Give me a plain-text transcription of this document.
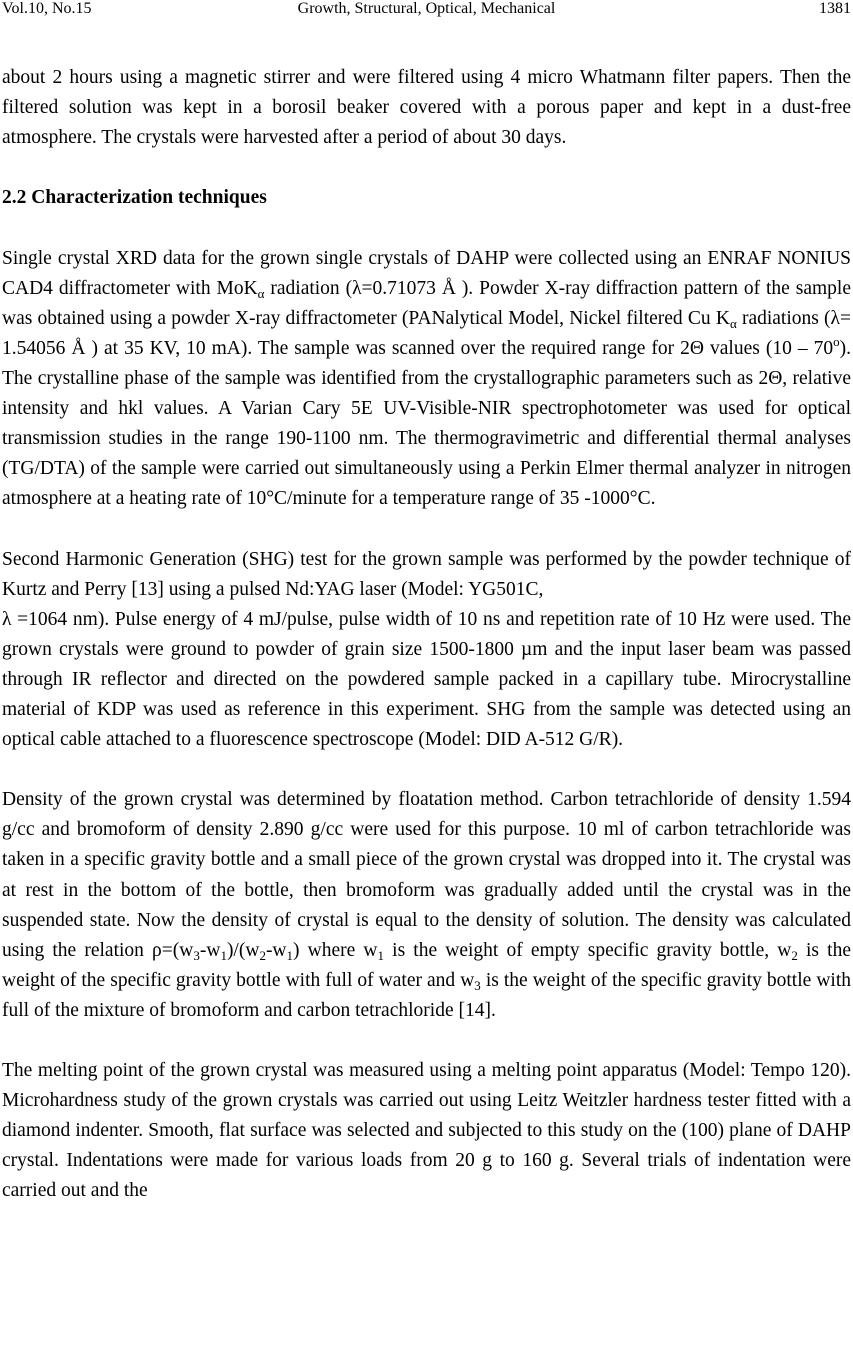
Growth, Structural, Optical, Mechanical
Vol.10, No.15	1381

about 2 hours using a magnetic stirrer and were filtered using 4 micro Whatmann filter papers. Then the filtered solution was kept in a borosil beaker covered with a porous paper and kept in a dust-free atmosphere. The crystals were harvested after a period of about 30 days.

2.2 Characterization techniques

Single crystal XRD data for the grown single crystals of DAHP were collected using an ENRAF NONIUS CAD4 diffractometer with MoK$_\alpha$ radiation (λ=0.71073 Å ). Powder X-ray diffraction pattern of the sample was obtained using a powder X-ray diffractometer (PANalytical Model, Nickel filtered Cu $K_\alpha$ radiations (λ= 1.54056 Å ) at 35 KV, 10 mA). The sample was scanned over the required range for 2Θ values (10 – 70$^o$). The crystalline phase of the sample was identified from the crystallographic parameters such as 2Θ, relative intensity and hkl values. A Varian Cary 5E UV-Visible-NIR spectrophotometer was used for optical transmission studies in the range 190-1100 nm. The thermogravimetric and differential thermal analyses (TG/DTA) of the sample were carried out simultaneously using a Perkin Elmer thermal analyzer in nitrogen atmosphere at a heating rate of 10°C/minute for a temperature range of 35 -1000°C.

Second Harmonic Generation (SHG) test for the grown sample was performed by the powder technique of Kurtz and Perry [13] using a pulsed Nd:YAG laser (Model: YG501C,
λ =1064 nm). Pulse energy of 4 mJ/pulse, pulse width of 10 ns and repetition rate of 10 Hz were used. The grown crystals were ground to powder of grain size 1500-1800 µm and the input laser beam was passed through IR reflector and directed on the powdered sample packed in a capillary tube. Mirocrystalline material of KDP was used as reference in this experiment. SHG from the sample was detected using an optical cable attached to a fluorescence spectroscope (Model: DID A-512 G/R).

Density of the grown crystal was determined by floatation method. Carbon tetrachloride of density 1.594 g/cc and bromoform of density 2.890 g/cc were used for this purpose. 10 ml of carbon tetrachloride was taken in a specific gravity bottle and a small piece of the grown crystal was dropped into it. The crystal was at rest in the bottom of the bottle, then bromoform was gradually added until the crystal was in the suspended state. Now the density of crystal is equal to the density of solution. The density was calculated using the relation $\rho=(w_3-w_1)/(w_2-w_1)$ where $w_1$ is the weight of empty specific gravity bottle, $w_2$ is the weight of the specific gravity bottle with full of water and $w_3$ is the weight of the specific gravity bottle with full of the mixture of bromoform and carbon tetrachloride [14].

The melting point of the grown crystal was measured using a melting point apparatus (Model: Tempo 120). Microhardness study of the grown crystals was carried out using Leitz Weitzler hardness tester fitted with a diamond indenter. Smooth, flat surface was selected and subjected to this study on the (100) plane of DAHP crystal. Indentations were made for various loads from 20 g to 160 g. Several trials of indentation were carried out and the
